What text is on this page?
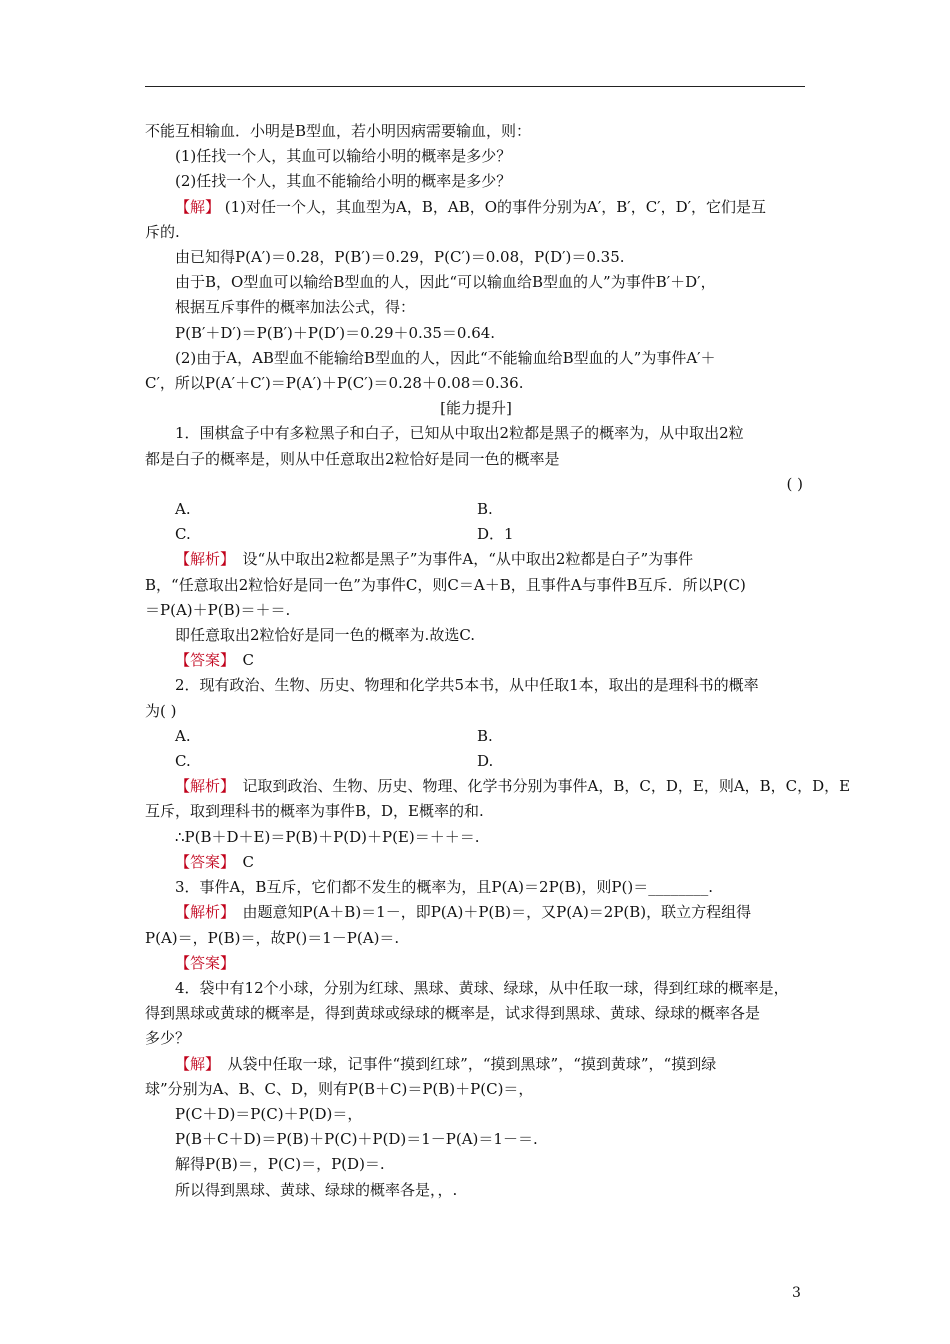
不能互相输血．小明是B型血，若小明因病需要输血，则：

(1)任找一个人，其血可以输给小明的概率是多少？

(2)任找一个人，其血不能输给小明的概率是多少？

【解】 (1)对任一个人，其血型为A，B，AB，O的事件分别为A′，B′，C′，D′，它们是互

斥的.

由已知得P(A′)＝0.28，P(B′)＝0.29，P(C′)＝0.08，P(D′)＝0.35.

由于B，O型血可以输给B型血的人，因此“可以输血给B型血的人”为事件B′＋D′，

根据互斥事件的概率加法公式，得：

P(B′＋D′)＝P(B′)＋P(D′)＝0.29＋0.35＝0.64.

(2)由于A，AB型血不能输给B型血的人，因此“不能输血给B型血的人”为事件A′＋

C′，所以P(A′＋C′)＝P(A′)＋P(C′)＝0.28＋0.08＝0.36.

[能力提升]

1．围棋盒子中有多粒黑子和白子，已知从中取出2粒都是黑子的概率为，从中取出2粒

都是白子的概率是，则从中任意取出2粒恰好是同一色的概率是

( )

A.	B.

C.	D．1

【解析】　设“从中取出2粒都是黑子”为事件A，“从中取出2粒都是白子”为事件

B，“任意取出2粒恰好是同一色”为事件C，则C＝A＋B，且事件A与事件B互斥．所以P(C)

＝P(A)＋P(B)＝＋＝.

即任意取出2粒恰好是同一色的概率为.故选C.

【答案】　C

2．现有政治、生物、历史、物理和化学共5本书，从中任取1本，取出的是理科书的概率

为( )

A.	B.

C.	D.

【解析】　记取到政治、生物、历史、物理、化学书分别为事件A，B，C，D，E，则A，B，C，D，E

互斥，取到理科书的概率为事件B，D，E概率的和.

∴P(B＋D＋E)＝P(B)＋P(D)＋P(E)＝＋＋＝.

【答案】　C

3．事件A，B互斥，它们都不发生的概率为，且P(A)＝2P(B)，则P()＝________.

【解析】　由题意知P(A＋B)＝1－，即P(A)＋P(B)＝，又P(A)＝2P(B)，联立方程组得

P(A)＝，P(B)＝，故P()＝1－P(A)＝.

【答案】

4．袋中有12个小球，分别为红球、黑球、黄球、绿球，从中任取一球，得到红球的概率是，

得到黑球或黄球的概率是，得到黄球或绿球的概率是，试求得到黑球、黄球、绿球的概率各是

多少？

【解】　从袋中任取一球，记事件“摸到红球”，“摸到黑球”，“摸到黄球”，“摸到绿

球”分别为A、B、C、D，则有P(B＋C)＝P(B)＋P(C)＝，

P(C＋D)＝P(C)＋P(D)＝，

P(B＋C＋D)＝P(B)＋P(C)＋P(D)＝1－P(A)＝1－＝.

解得P(B)＝，P(C)＝，P(D)＝.

所以得到黑球、黄球、绿球的概率各是，，.

3
